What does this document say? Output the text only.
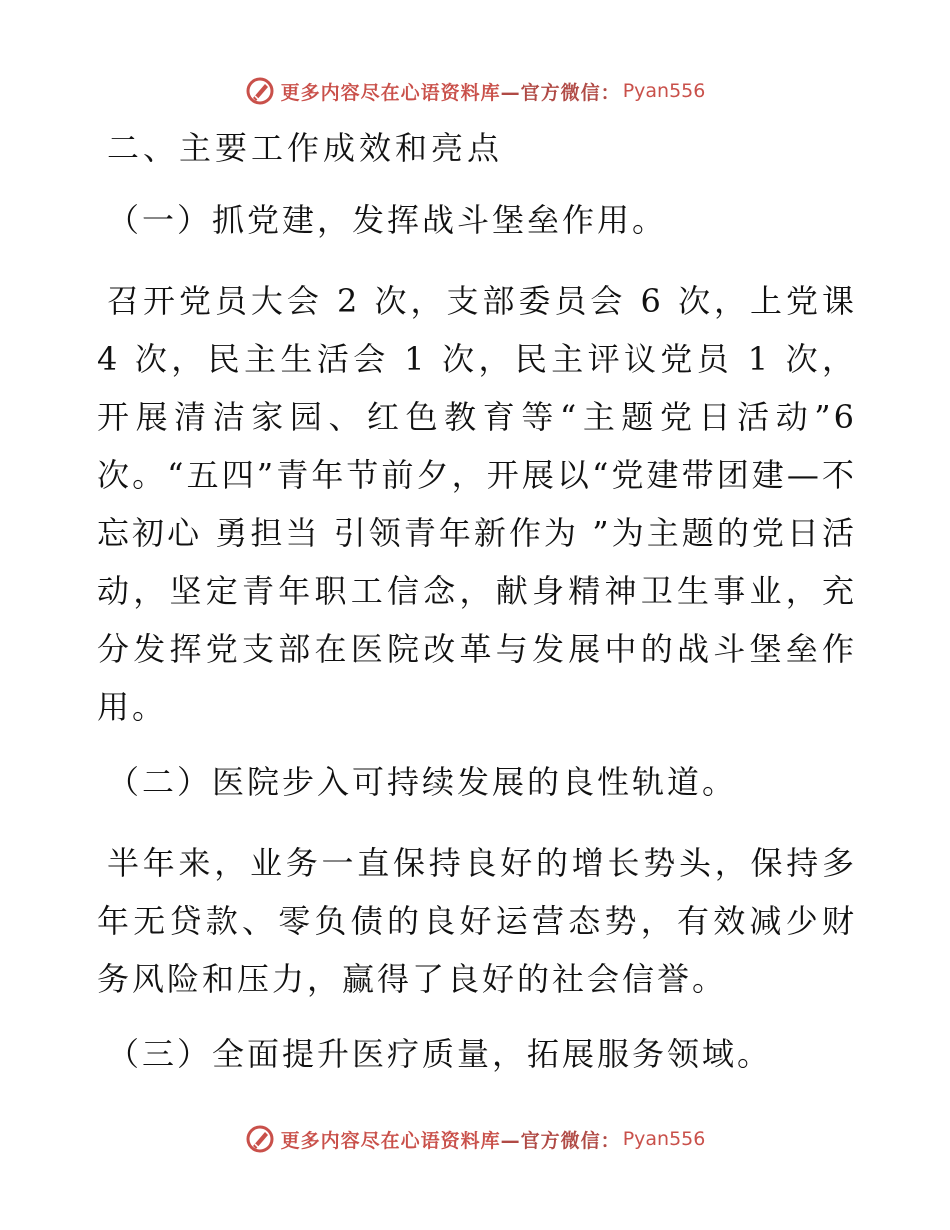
更多内容尽在心语资料库 —官方微信： Pyan556

二、主要工作成效和亮点

（一）抓党建，发挥战斗堡垒作用。

召开党员大会 2 次，支部委员会 6 次，上党课 4 次，民主生活会 1 次，民主评议党员 1 次，开展清洁家园、红色教育等“主题党日活动”6 次。“五四”青年节前夕，开展以“党建带团建—不忘初心 勇担当 引领青年新作为 ”为主题的党日活动，坚定青年职工信念，献身精神卫生事业，充分发挥党支部在医院改革与发展中的战斗堡垒作用。

（二）医院步入可持续发展的良性轨道。

半年来，业务一直保持良好的增长势头，保持多年无贷款、零负债的良好运营态势，有效减少财务风险和压力，赢得了良好的社会信誉。

（三）全面提升医疗质量，拓展服务领域。

更多内容尽在心语资料库 —官方微信： Pyan556
